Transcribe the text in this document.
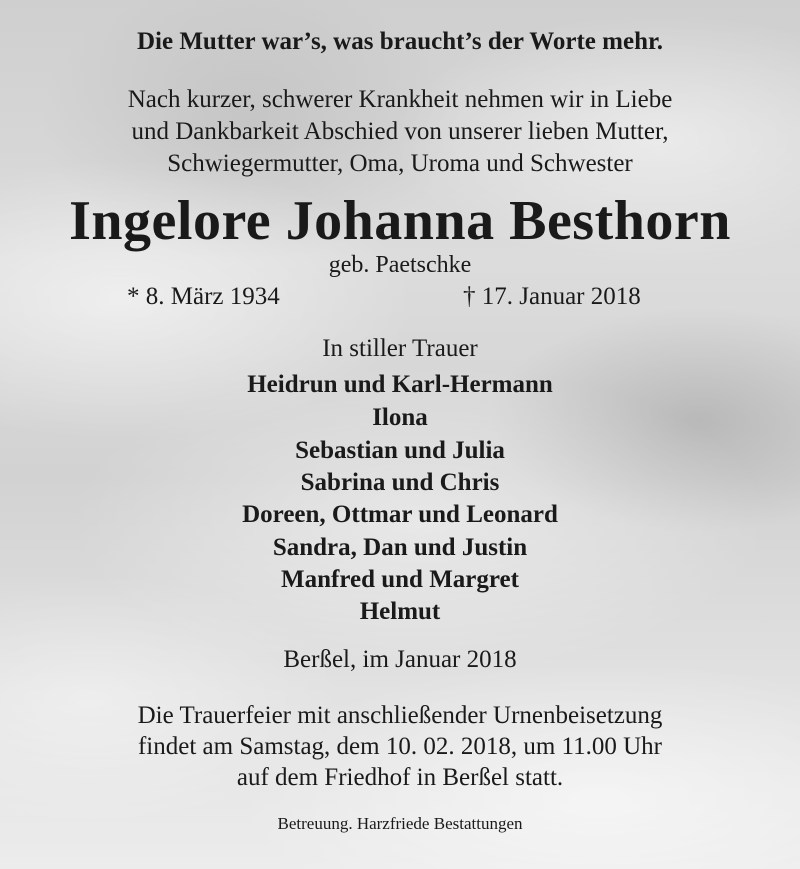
Die Mutter war’s, was braucht’s der Worte mehr.
Nach kurzer, schwerer Krankheit nehmen wir in Liebe
und Dankbarkeit Abschied von unserer lieben Mutter,
Schwiegermutter, Oma, Uroma und Schwester
Ingelore Johanna Besthorn
geb. Paetschke
* 8. März 1934	† 17. Januar 2018
In stiller Trauer
Heidrun und Karl-Hermann
Ilona
Sebastian und Julia
Sabrina und Chris
Doreen, Ottmar und Leonard
Sandra, Dan und Justin
Manfred und Margret
Helmut
Berßel, im Januar 2018
Die Trauerfeier mit anschließender Urnenbeisetzung
findet am Samstag, dem 10. 02. 2018, um 11.00 Uhr
auf dem Friedhof in Berßel statt.
Betreuung. Harzfriede Bestattungen
